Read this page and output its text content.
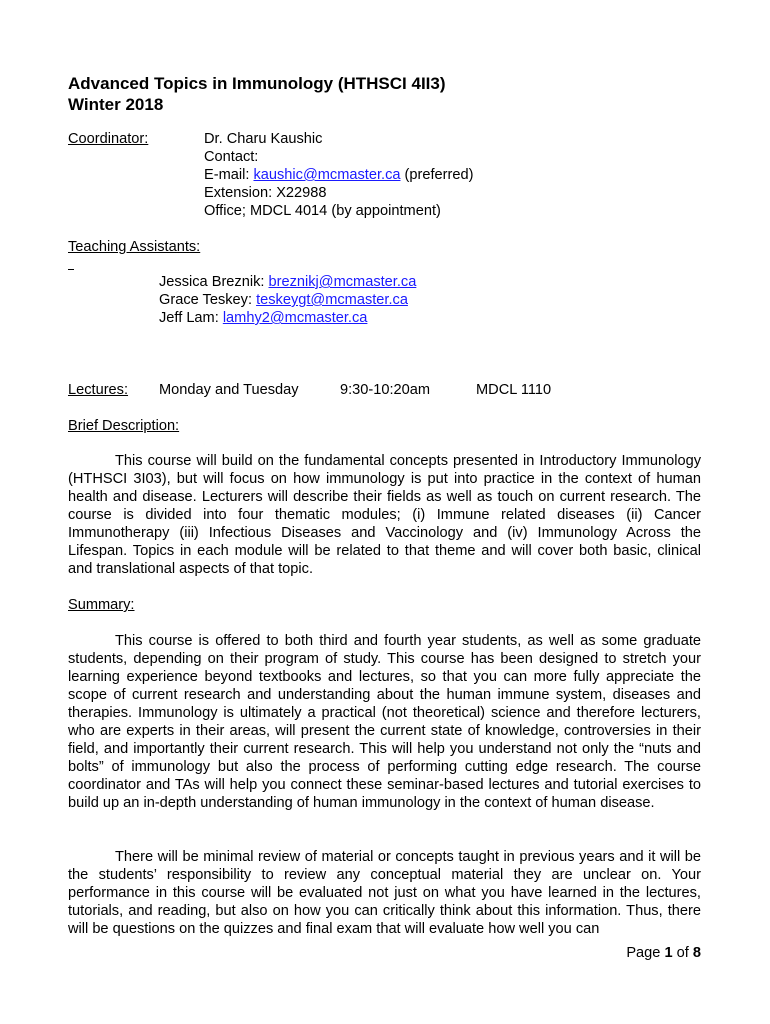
Advanced Topics in Immunology (HTHSCI 4II3)
Winter 2018
Coordinator:	Dr. Charu Kaushic
Contact:
E-mail: kaushic@mcmaster.ca (preferred)
Extension: X22988
Office; MDCL 4014 (by appointment)
Teaching Assistants:
Jessica Breznik: breznikj@mcmaster.ca
Grace Teskey: teskeygt@mcmaster.ca
Jeff Lam: lamhy2@mcmaster.ca
Lectures: Monday and Tuesday	9:30-10:20am	MDCL 1110
Brief Description:
This course will build on the fundamental concepts presented in Introductory Immunology (HTHSCI 3I03), but will focus on how immunology is put into practice in the context of human health and disease. Lecturers will describe their fields as well as touch on current research. The course is divided into four thematic modules; (i) Immune related diseases (ii) Cancer Immunotherapy (iii) Infectious Diseases and Vaccinology and (iv) Immunology Across the Lifespan. Topics in each module will be related to that theme and will cover both basic, clinical and translational aspects of that topic.
Summary:
This course is offered to both third and fourth year students, as well as some graduate students, depending on their program of study. This course has been designed to stretch your learning experience beyond textbooks and lectures, so that you can more fully appreciate the scope of current research and understanding about the human immune system, diseases and therapies. Immunology is ultimately a practical (not theoretical) science and therefore lecturers, who are experts in their areas, will present the current state of knowledge, controversies in their field, and importantly their current research. This will help you understand not only the “nuts and bolts” of immunology but also the process of performing cutting edge research. The course coordinator and TAs will help you connect these seminar-based lectures and tutorial exercises to build up an in-depth understanding of human immunology in the context of human disease.
There will be minimal review of material or concepts taught in previous years and it will be the students’ responsibility to review any conceptual material they are unclear on. Your performance in this course will be evaluated not just on what you have learned in the lectures, tutorials, and reading, but also on how you can critically think about this information. Thus, there will be questions on the quizzes and final exam that will evaluate how well you can
Page 1 of 8
